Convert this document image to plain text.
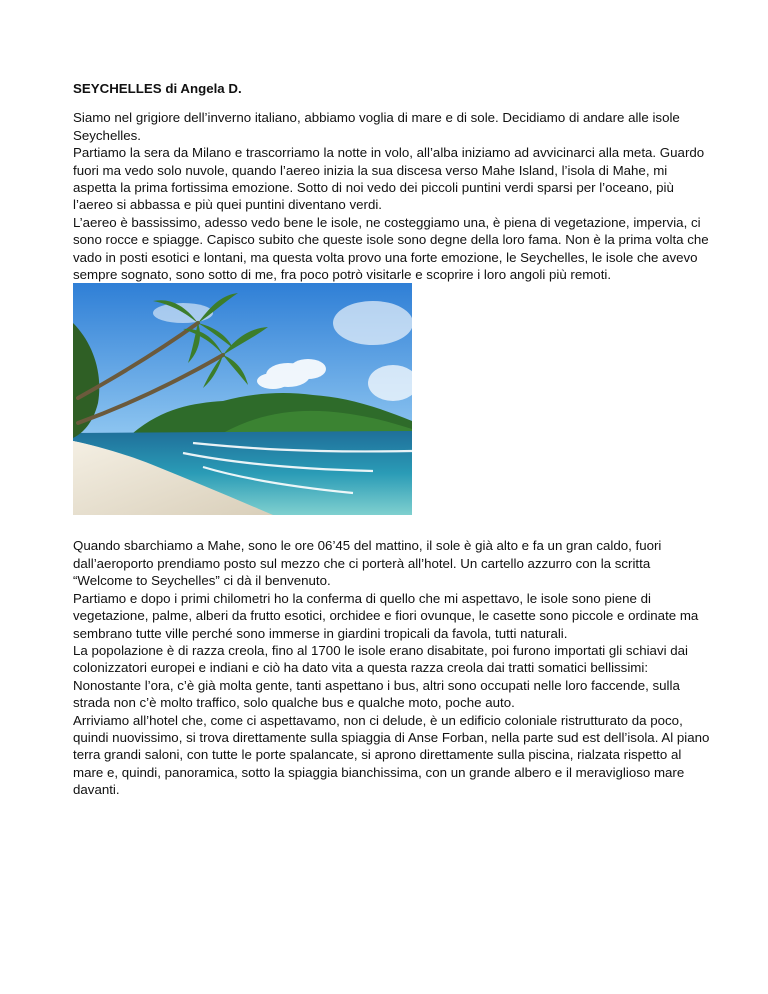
SEYCHELLES di Angela D.

Siamo nel grigiore dell’inverno italiano, abbiamo voglia di mare e di sole. Decidiamo di andare alle isole Seychelles.

Partiamo la sera da Milano e trascorriamo la notte in volo, all’alba iniziamo ad avvicinarci alla meta. Guardo fuori ma vedo solo nuvole, quando l’aereo inizia la sua discesa verso Mahe Island, l’isola di Mahe, mi aspetta la prima fortissima emozione. Sotto di noi vedo dei piccoli puntini verdi sparsi per l’oceano, più l’aereo si abbassa e più quei puntini diventano verdi.

L’aereo è bassissimo, adesso vedo bene le isole, ne costeggiamo una, è piena di vegetazione, impervia, ci sono rocce e spiagge. Capisco subito che queste isole sono degne della loro fama. Non è la prima volta che vado in posti esotici e lontani, ma questa volta provo una forte emozione, le Seychelles, le isole che avevo sempre sognato, sono sotto di me, fra poco potrò visitarle e scoprire i loro angoli più remoti.

Quando sbarchiamo a Mahe, sono le ore 06’45 del mattino, il sole è già alto e fa un gran caldo, fuori dall’aeroporto prendiamo posto sul mezzo che ci porterà all’hotel. Un cartello azzurro con la scritta “Welcome to Seychelles” ci dà il benvenuto.

Partiamo e dopo i primi chilometri ho la conferma di quello che mi aspettavo, le isole sono piene di vegetazione, palme, alberi da frutto esotici, orchidee e fiori ovunque, le casette sono piccole e ordinate ma sembrano tutte ville perché sono immerse in giardini tropicali da favola, tutti naturali.

La popolazione è di razza creola, fino al 1700 le isole erano disabitate, poi furono importati gli schiavi dai colonizzatori europei e indiani e ciò ha dato vita a questa razza creola dai tratti somatici bellissimi:

Nonostante l’ora, c’è già molta gente, tanti aspettano i bus, altri sono occupati nelle loro faccende, sulla strada non c’è molto traffico, solo qualche bus e qualche moto, poche auto.

Arriviamo all’hotel che, come ci aspettavamo, non ci delude, è un edificio coloniale ristrutturato da poco, quindi nuovissimo, si trova direttamente sulla spiaggia di Anse Forban, nella parte sud est dell’isola. Al piano terra grandi saloni, con tutte le porte spalancate, si aprono direttamente sulla piscina, rialzata rispetto al mare e, quindi, panoramica, sotto la spiaggia bianchissima, con un grande albero e il meraviglioso mare davanti.
